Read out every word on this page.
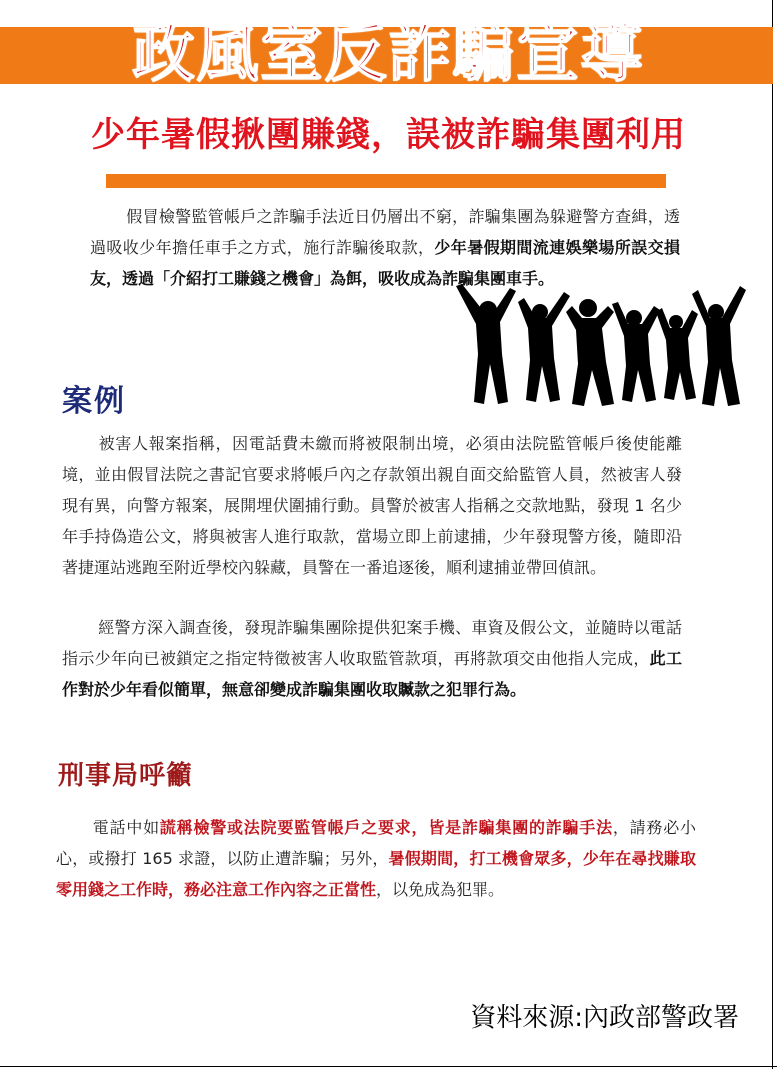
政風室反詐騙宣導
少年暑假揪團賺錢，誤被詐騙集團利用
假冒檢警監管帳戶之詐騙手法近日仍層出不窮，詐騙集團為躲避警方查緝，透過吸收少年擔任車手之方式，施行詐騙後取款，少年暑假期間流連娛樂場所誤交損友，透過「介紹打工賺錢之機會」為餌，吸收成為詐騙集團車手。
案例
被害人報案指稱，因電話費未繳而將被限制出境，必須由法院監管帳戶後使能離境，並由假冒法院之書記官要求將帳戶內之存款領出親自面交給監管人員，然被害人發現有異，向警方報案，展開埋伏圍捕行動。員警於被害人指稱之交款地點，發現 1 名少年手持偽造公文，將與被害人進行取款，當場立即上前逮捕，少年發現警方後，隨即沿著捷運站逃跑至附近學校內躲藏，員警在一番追逐後，順利逮捕並帶回偵訊。
經警方深入調查後，發現詐騙集團除提供犯案手機、車資及假公文，並隨時以電話指示少年向已被鎖定之指定特徵被害人收取監管款項，再將款項交由他指人完成，此工作對於少年看似簡單，無意卻變成詐騙集團收取贓款之犯罪行為。
刑事局呼籲
電話中如謊稱檢警或法院要監管帳戶之要求，皆是詐騙集團的詐騙手法，請務必小心，或撥打 165 求證，以防止遭詐騙；另外，暑假期間，打工機會眾多，少年在尋找賺取零用錢之工作時，務必注意工作內容之正當性，以免成為犯罪。
資料來源:內政部警政署
